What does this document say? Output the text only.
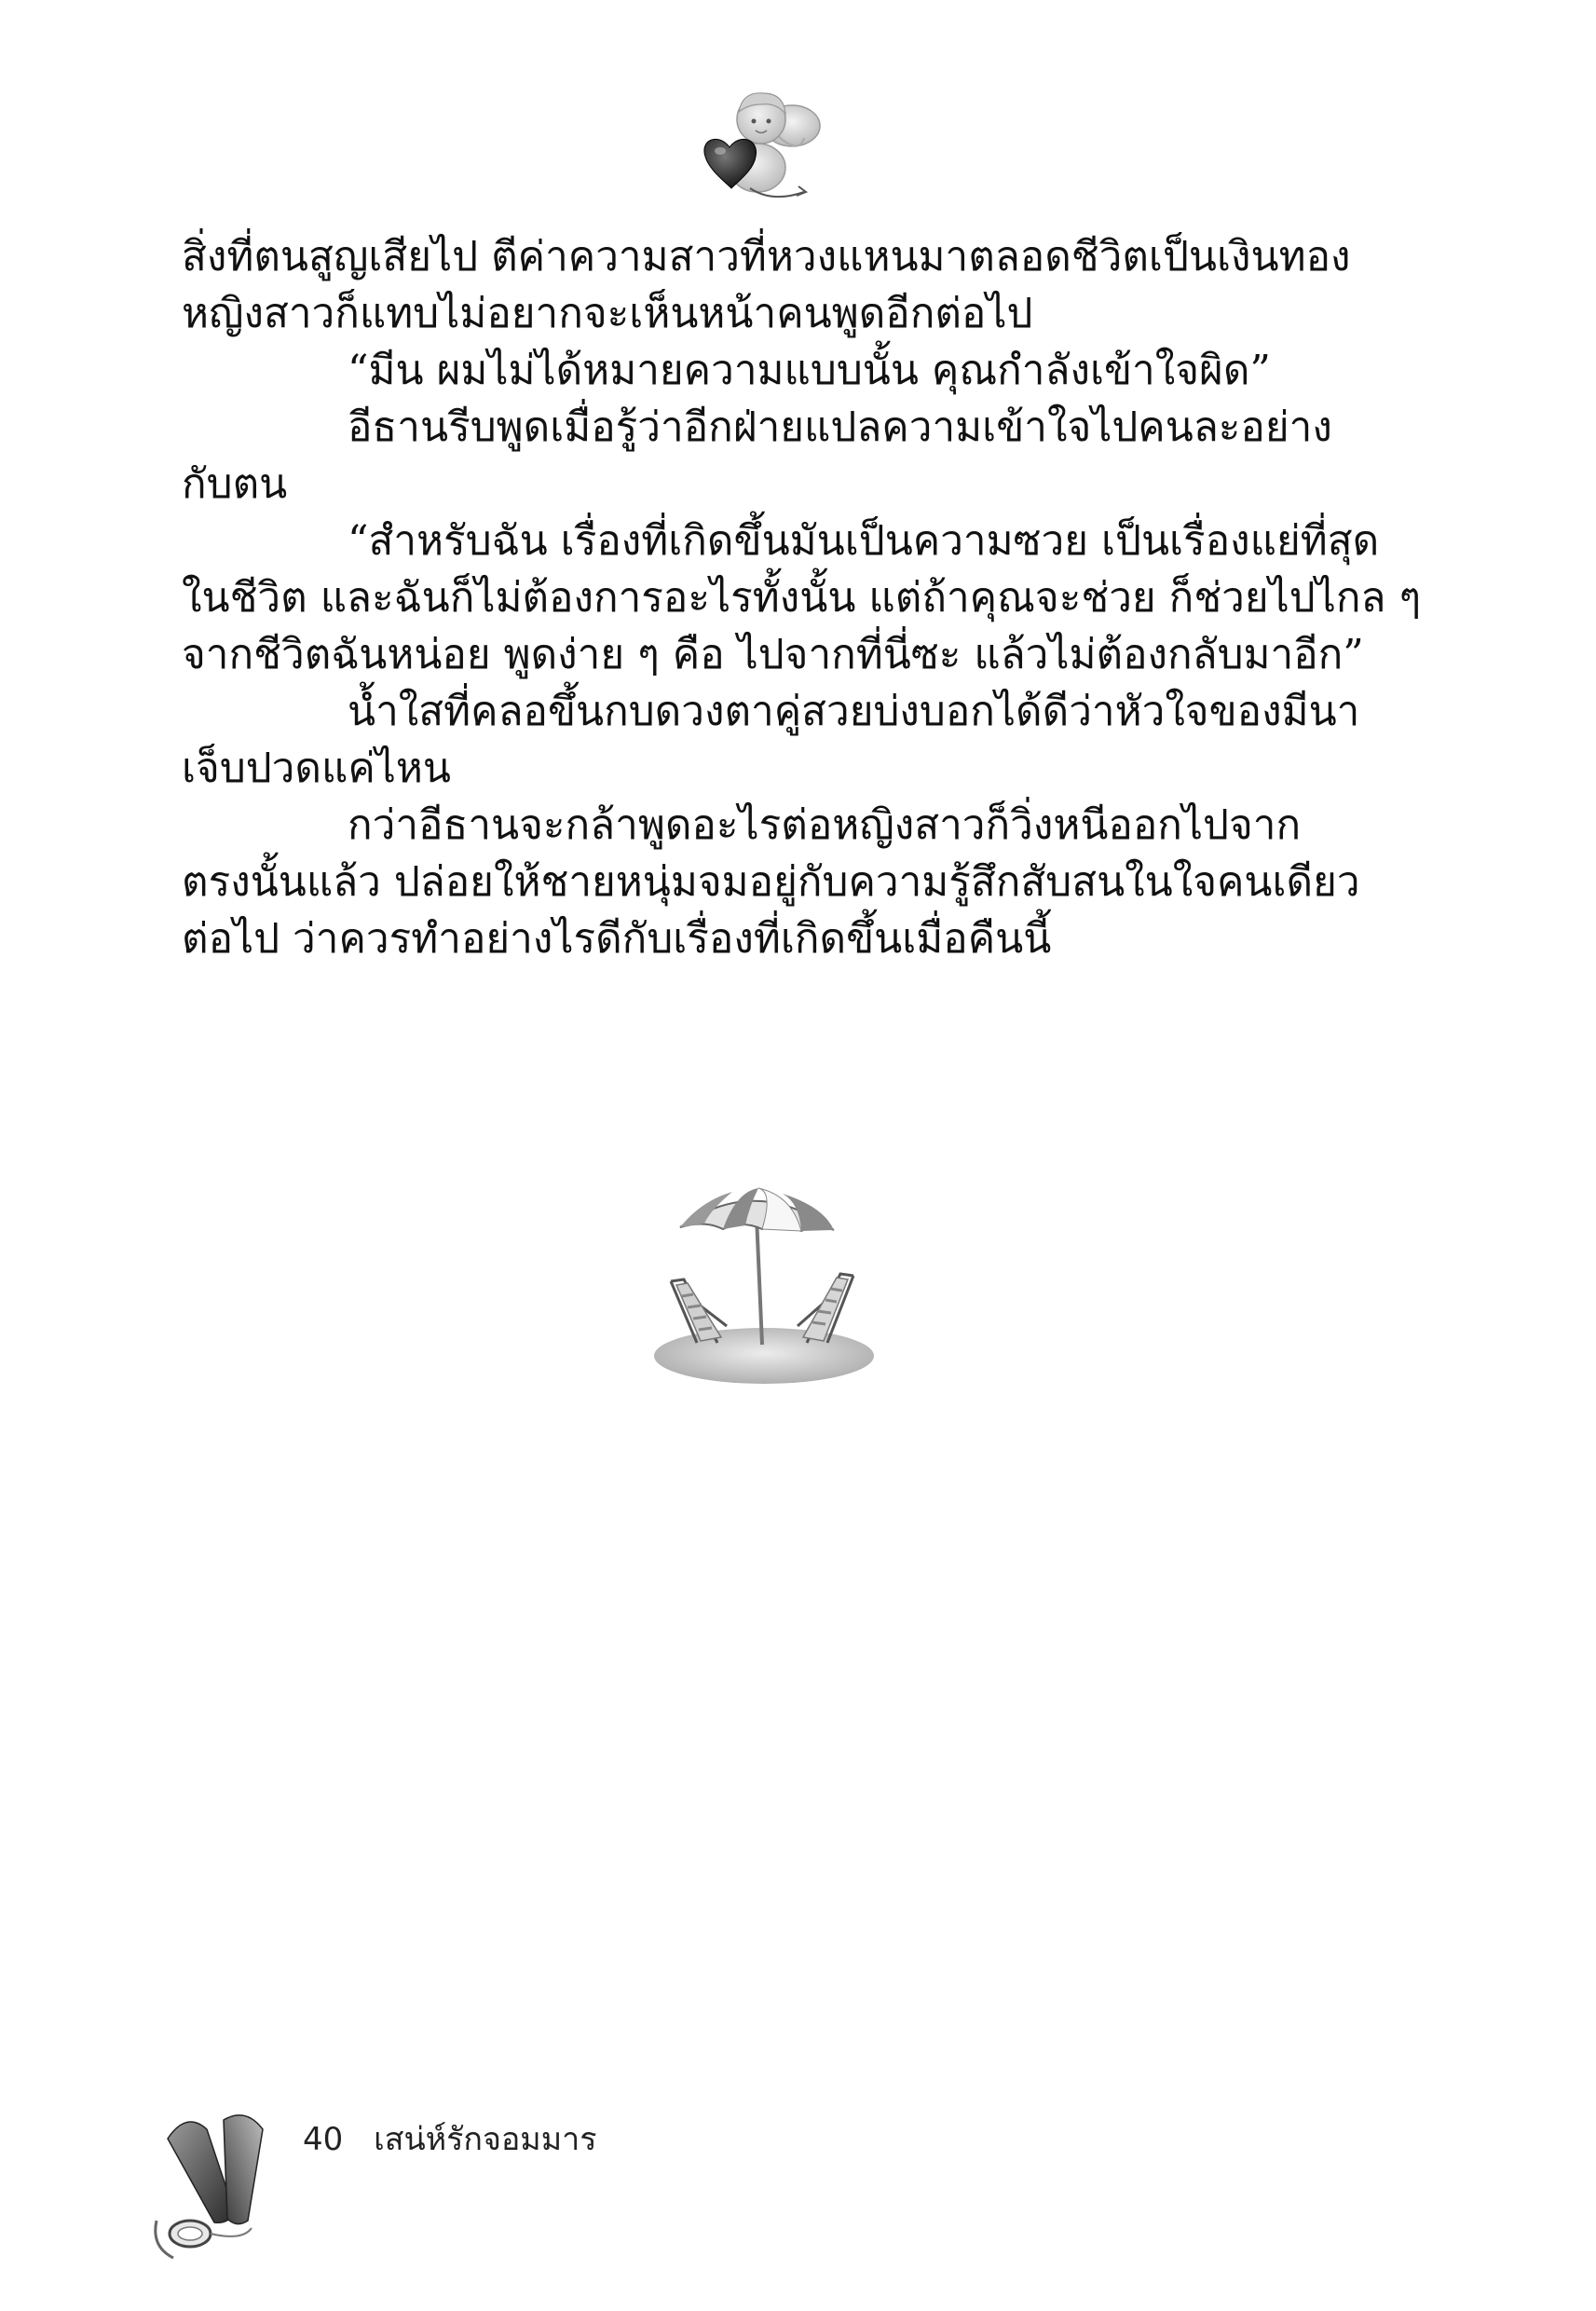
สิ่งที่ตนสูญเสียไป ตีค่าความสาวที่หวงแหนมาตลอดชีวิตเป็นเงินทอง
หญิงสาวก็แทบไม่อยากจะเห็นหน้าคนพูดอีกต่อไป
“มีน ผมไม่ได้หมายความแบบนั้น คุณกำลังเข้าใจผิด”
อีธานรีบพูดเมื่อรู้ว่าอีกฝ่ายแปลความเข้าใจไปคนละอย่าง
กับตน
“สำหรับฉัน เรื่องที่เกิดขึ้นมันเป็นความซวย เป็นเรื่องแย่ที่สุด
ในชีวิต และฉันก็ไม่ต้องการอะไรทั้งนั้น แต่ถ้าคุณจะช่วย ก็ช่วยไปไกล ๆ
จากชีวิตฉันหน่อย พูดง่าย ๆ คือ ไปจากที่นี่ซะ แล้วไม่ต้องกลับมาอีก”
น้ำใสที่คลอขึ้นกบดวงตาคู่สวยบ่งบอกได้ดีว่าหัวใจของมีนา
เจ็บปวดแค่ไหน
กว่าอีธานจะกล้าพูดอะไรต่อหญิงสาวก็วิ่งหนีออกไปจาก
ตรงนั้นแล้ว ปล่อยให้ชายหนุ่มจมอยู่กับความรู้สึกสับสนในใจคนเดียว
ต่อไป ว่าควรทำอย่างไรดีกับเรื่องที่เกิดขึ้นเมื่อคืนนี้
40 เสน่ห์รักจอมมาร
